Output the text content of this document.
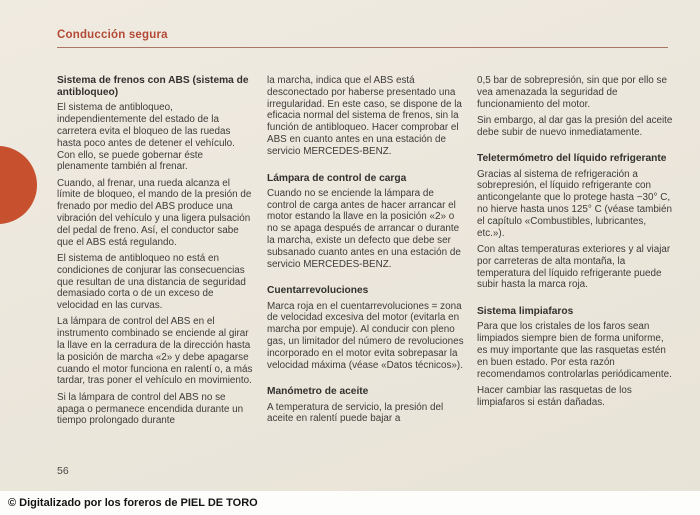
Conducción segura
Sistema de frenos con ABS (sistema de antibloqueo)

El sistema de antibloqueo, independientemente del estado de la carretera evita el bloqueo de las ruedas hasta poco antes de detener el vehículo. Con ello, se puede gobernar éste plenamente también al frenar.

Cuando, al frenar, una rueda alcanza el límite de bloqueo, el mando de la presión de frenado por medio del ABS produce una vibración del vehículo y una ligera pulsación del pedal de freno. Así, el conductor sabe que el ABS está regulando.

El sistema de antibloqueo no está en condiciones de conjurar las consecuencias que resultan de una distancia de seguridad demasiado corta o de un exceso de velocidad en las curvas.

La lámpara de control del ABS en el instrumento combinado se enciende al girar la llave en la cerradura de la dirección hasta la posición de marcha «2» y debe apagarse cuando el motor funciona en ralentí o, a más tardar, tras poner el vehículo en movimiento.

Si la lámpara de control del ABS no se apaga o permanece encendida durante un tiempo prolongado durante

la marcha, indica que el ABS está desconectado por haberse presentado una irregularidad. En este caso, se dispone de la eficacia normal del sistema de frenos, sin la función de antibloqueo. Hacer comprobar el ABS en cuanto antes en una estación de servicio MERCEDES-BENZ.

Lámpara de control de carga

Cuando no se enciende la lámpara de control de carga antes de hacer arrancar el motor estando la llave en la posición «2» o no se apaga después de arrancar o durante la marcha, existe un defecto que debe ser subsanado cuanto antes en una estación de servicio MERCEDES-BENZ.

Cuentarrevoluciones

Marca roja en el cuentarrevoluciones = zona de velocidad excesiva del motor (evitarla en marcha por empuje). Al conducir con pleno gas, un limitador del número de revoluciones incorporado en el motor evita sobrepasar la velocidad máxima (véase «Datos técnicos»).

Manómetro de aceite

A temperatura de servicio, la presión del aceite en ralentí puede bajar a

0,5 bar de sobrepresión, sin que por ello se vea amenazada la seguridad de funcionamiento del motor.

Sin embargo, al dar gas la presión del aceite debe subir de nuevo inmediatamente.

Teletermómetro del líquido refrigerante

Gracias al sistema de refrigeración a sobrepresión, el líquido refrigerante con anticongelante que lo protege hasta −30° C, no hierve hasta unos 125° C (véase también el capítulo «Combustibles, lubricantes, etc.»).

Con altas temperaturas exteriores y al viajar por carreteras de alta montaña, la temperatura del líquido refrigerante puede subir hasta la marca roja.

Sistema limpiafaros

Para que los cristales de los faros sean limpiados siempre bien de forma uniforme, es muy importante que las rasquetas estén en buen estado. Por esta razón recomendamos controlarlas periódicamente.

Hacer cambiar las rasquetas de los limpiafaros si están dañadas.

56
© Digitalizado por los foreros de PIEL DE TORO
